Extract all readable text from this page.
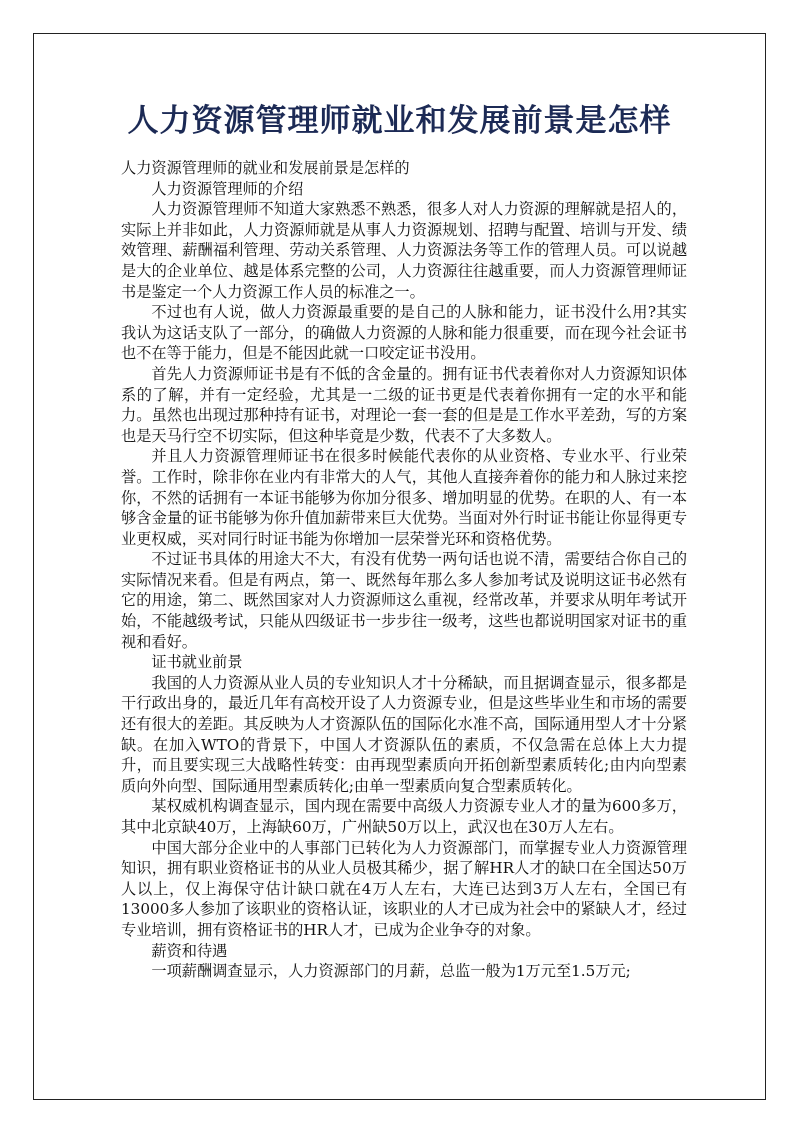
人力资源管理师就业和发展前景是怎样

人力资源管理师的就业和发展前景是怎样的

人力资源管理师的介绍

人力资源管理师不知道大家熟悉不熟悉，很多人对人力资源的理解就是招人的，实际上并非如此，人力资源师就是从事人力资源规划、招聘与配置、培训与开发、绩效管理、薪酬福利管理、劳动关系管理、人力资源法务等工作的管理人员。可以说越是大的企业单位、越是体系完整的公司，人力资源往往越重要，而人力资源管理师证书是鉴定一个人力资源工作人员的标准之一。

不过也有人说，做人力资源最重要的是自己的人脉和能力，证书没什么用?其实我认为这话支队了一部分，的确做人力资源的人脉和能力很重要，而在现今社会证书也不在等于能力，但是不能因此就一口咬定证书没用。

首先人力资源师证书是有不低的含金量的。拥有证书代表着你对人力资源知识体系的了解，并有一定经验，尤其是一二级的证书更是代表着你拥有一定的水平和能力。虽然也出现过那种持有证书，对理论一套一套的但是是工作水平差劲，写的方案也是天马行空不切实际，但这种毕竟是少数，代表不了大多数人。

并且人力资源管理师证书在很多时候能代表你的从业资格、专业水平、行业荣誉。工作时，除非你在业内有非常大的人气，其他人直接奔着你的能力和人脉过来挖你，不然的话拥有一本证书能够为你加分很多、增加明显的优势。在职的人、有一本够含金量的证书能够为你升值加薪带来巨大优势。当面对外行时证书能让你显得更专业更权威，买对同行时证书能为你增加一层荣誉光环和资格优势。

不过证书具体的用途大不大，有没有优势一两句话也说不清，需要结合你自己的实际情况来看。但是有两点，第一、既然每年那么多人参加考试及说明这证书必然有它的用途，第二、既然国家对人力资源师这么重视，经常改革，并要求从明年考试开始，不能越级考试，只能从四级证书一步步往一级考，这些也都说明国家对证书的重视和看好。

证书就业前景

我国的人力资源从业人员的专业知识人才十分稀缺，而且据调查显示，很多都是干行政出身的，最近几年有高校开设了人力资源专业，但是这些毕业生和市场的需要还有很大的差距。其反映为人才资源队伍的国际化水准不高，国际通用型人才十分紧缺。在加入WTO的背景下，中国人才资源队伍的素质，不仅急需在总体上大力提升，而且要实现三大战略性转变：由再现型素质向开拓创新型素质转化;由内向型素质向外向型、国际通用型素质转化;由单一型素质向复合型素质转化。

某权威机构调查显示，国内现在需要中高级人力资源专业人才的量为600多万，其中北京缺40万，上海缺60万，广州缺50万以上，武汉也在30万人左右。

中国大部分企业中的人事部门已转化为人力资源部门，而掌握专业人力资源管理知识，拥有职业资格证书的从业人员极其稀少，据了解HR人才的缺口在全国达50万人以上，仅上海保守估计缺口就在4万人左右，大连已达到3万人左右，全国已有13000多人参加了该职业的资格认证，该职业的人才已成为社会中的紧缺人才，经过专业培训，拥有资格证书的HR人才，已成为企业争夺的对象。

薪资和待遇

一项薪酬调查显示，人力资源部门的月薪，总监一般为1万元至1.5万元;
